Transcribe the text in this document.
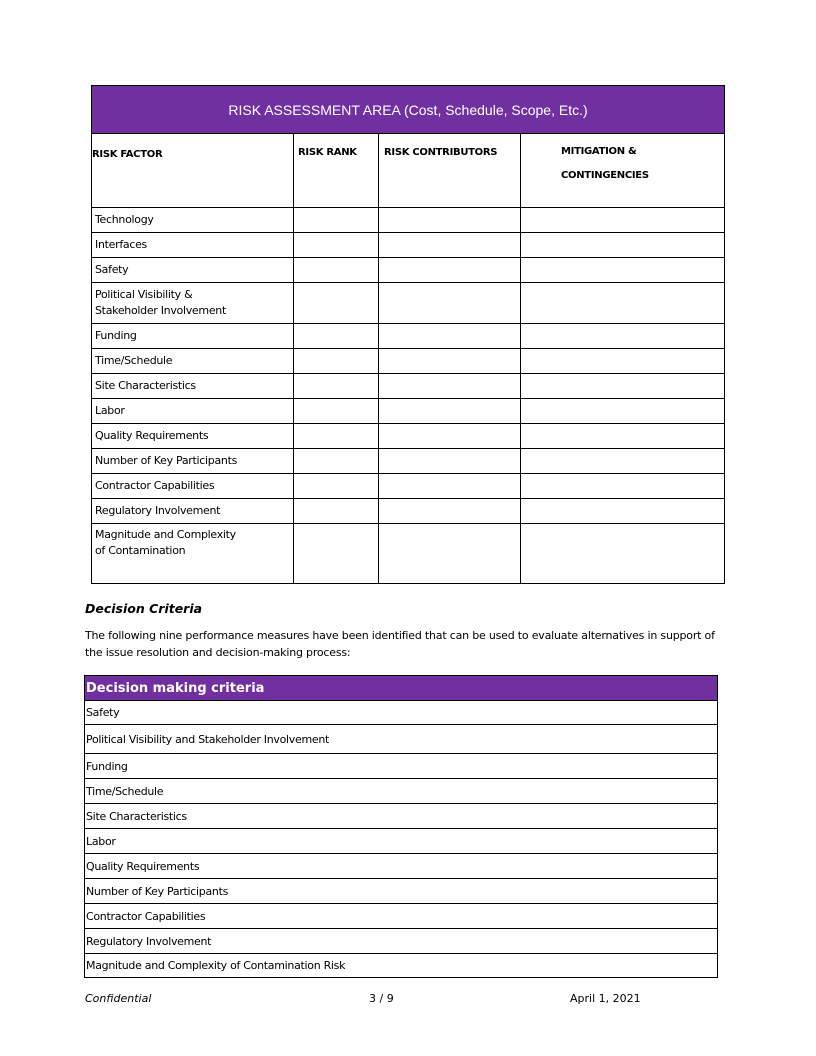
RISK ASSESSMENT AREA (Cost, Schedule, Scope, Etc.)			
RISK FACTOR	RISK RANK	RISK CONTRIBUTORS	MITIGATION &
CONTINGENCIES

Technology			

Interfaces			

Safety			

Political Visibility &
Stakeholder Involvement			

Funding			

Time/Schedule			

Site Characteristics			

Labor			

Quality Requirements			

Number of Key Participants			

Contractor Capabilities			

Regulatory Involvement			

Magnitude and Complexity
of Contamination			

Decision Criteria
The following nine performance measures have been identified that can be used to evaluate alternatives in support of the issue resolution and decision-making process:
Decision making criteria
Safety
Political Visibility and Stakeholder Involvement
Funding
Time/Schedule
Site Characteristics
Labor
Quality Requirements
Number of Key Participants
Contractor Capabilities
Regulatory Involvement
Magnitude and Complexity of Contamination Risk
Confidential	3 / 9	April 1, 2021
